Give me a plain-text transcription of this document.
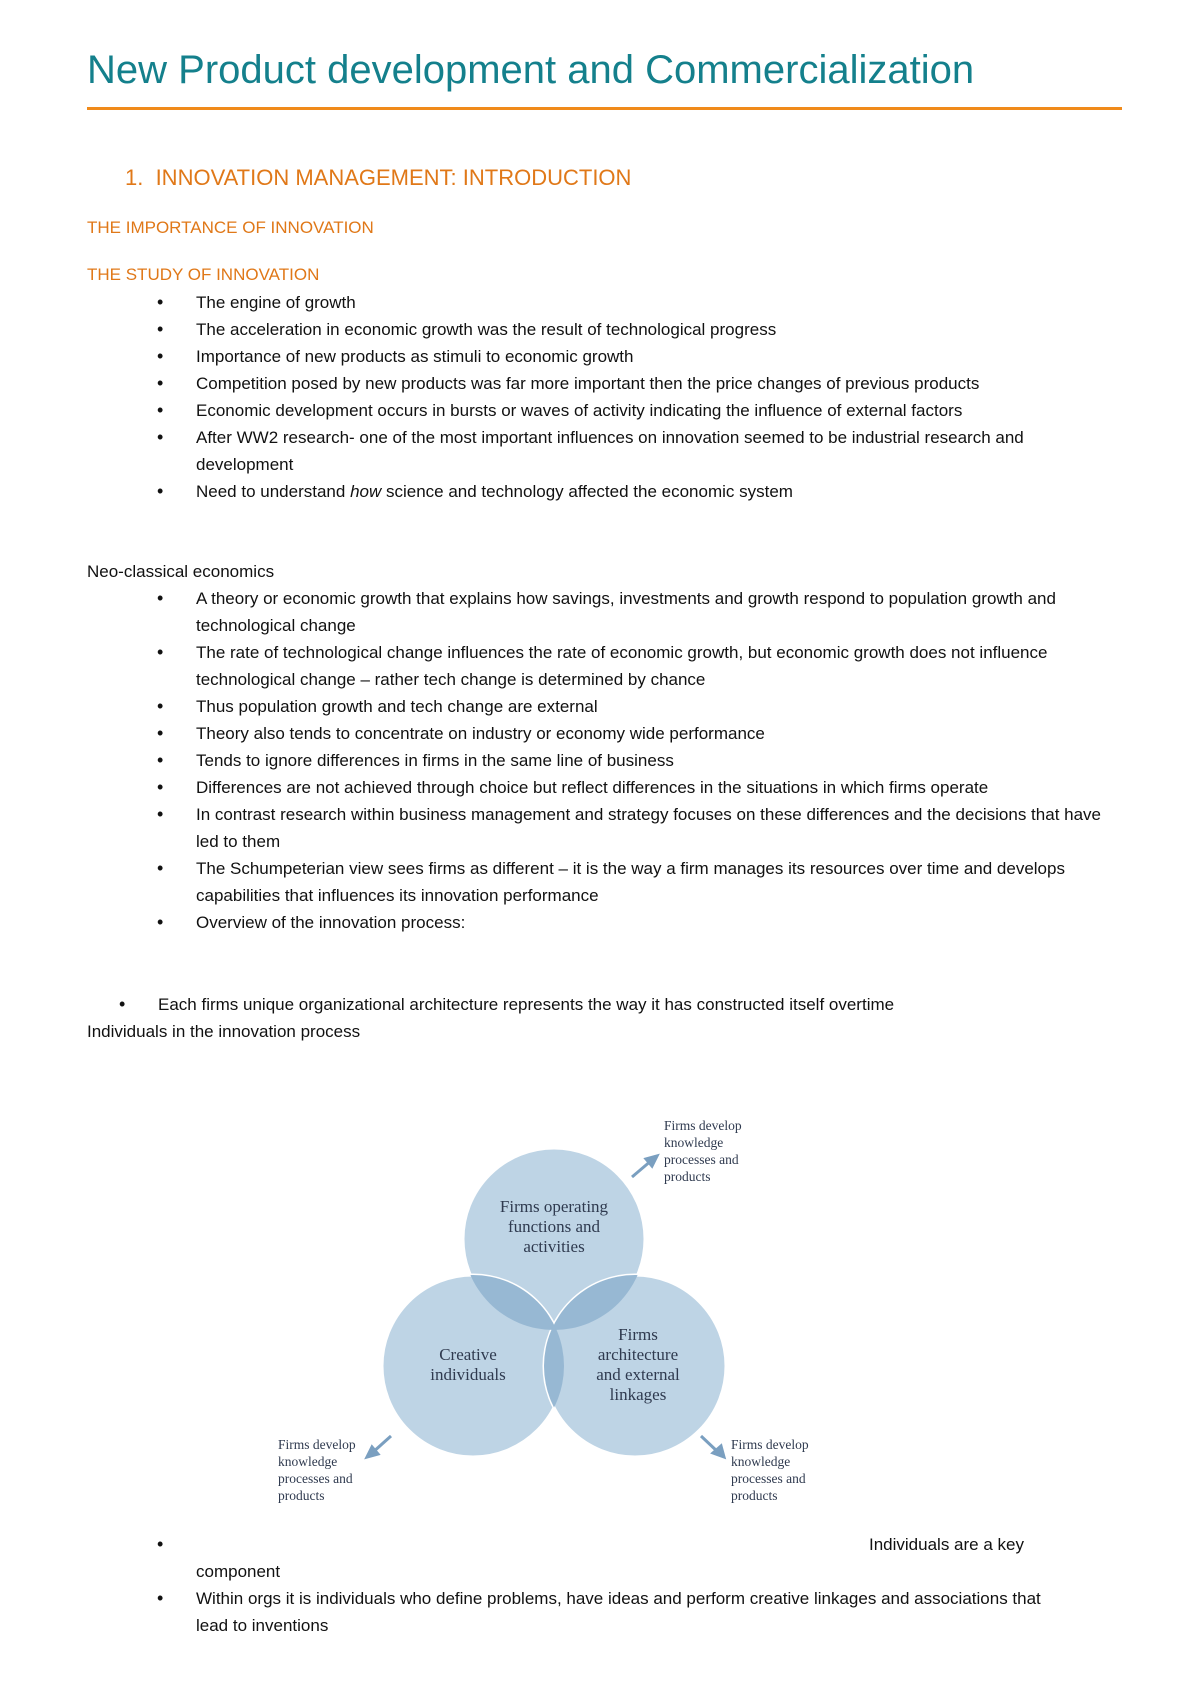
New Product development and Commercialization
1.  INNOVATION MANAGEMENT: INTRODUCTION
THE IMPORTANCE OF INNOVATION
THE STUDY OF INNOVATION
• The engine of growth
• The acceleration in economic growth was the result of technological progress
• Importance of new products as stimuli to economic growth
• Competition posed by new products was far more important then the price changes of previous products
• Economic development occurs in bursts or waves of activity indicating the influence of external factors
• After WW2 research- one of the most important influences on innovation seemed to be industrial research and development
• Need to understand how science and technology affected the economic system

Neo-classical economics

• A theory or economic growth that explains how savings, investments and growth respond to population growth and technological change
• The rate of technological change influences the rate of economic growth, but economic growth does not influence technological change – rather tech change is determined by chance
• Thus population growth and tech change are external
• Theory also tends to concentrate on industry or economy wide performance
• Tends to ignore differences in firms in the same line of business
• Differences are not achieved through choice but reflect differences in the situations in which firms operate
• In contrast research within business management and strategy focuses on these differences and the decisions that have led to them
• The Schumpeterian view sees firms as different – it is the way a firm manages its resources over time and develops capabilities that influences its innovation performance
• Overview of the innovation process:
• Each firms unique organizational architecture represents the way it has constructed itself overtime

Individuals in the innovation process

Firms operating
functions and
activities
Creative
individuals
Firms
architecture
and external
linkages
Firms develop
knowledge
processes and
products
Firms develop
knowledge
processes and
products
Firms develop
knowledge
processes and
products
• Individuals are a key component
• Within orgs it is individuals who define problems, have ideas and perform creative linkages and associations that lead to inventions
